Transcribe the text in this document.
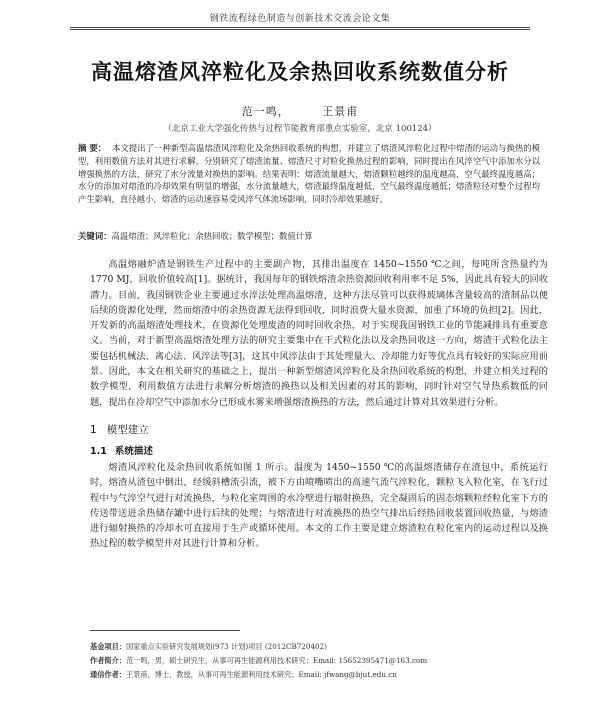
钢铁流程绿色制造与创新技术交流会论文集
高温熔渣风淬粒化及余热回收系统数值分析
范一鸣，	王景甫
（北京工业大学强化传热与过程节能教育部重点实验室，北京 100124）
摘 要： 本文提出了一种新型高温熔渣风淬粒化及余热回收系统的构想，并建立了熔渣风淬粒化过程中熔渣的运动与换热的模型，利用数值方法对其进行求解，分别研究了熔渣流量、熔渣尺寸对粒化换热过程的影响，同时提出在风淬空气中添加水分以增强换热的方法，研究了水分流量对换热的影响。结果表明：熔渣流量越大，熔渣颗粒越终的温度越高，空气最终温度越高；水分的添加对熔渣的冷却效果有明显的增强，水分流量越大，熔渣最终温度越低，空气最终温度越低；熔渣粒径对整个过程均产生影响，直径越小，熔渣的运动速容易受风淬气体流场影响，同时冷却效果越好。
关键词：高温熔渣；风淬粒化；余热回收；数学模型；数值计算

高温熔融炉渣是钢铁生产过程中的主要副产物，其排出温度在 1450~1550 ℃之间，每吨所含热量约为 1770 MJ，回收价值较高[1]。据统计，我国每年的钢铁熔渣余热资源回收利用率不足 5%，因此具有较大的回收潜力。目前，我国钢铁企业主要通过水淬法处理高温熔渣，这种方法尽管可以获得玻璃体含量较高的渣制品以便后续的资源化处理，然而熔渣中的余热资源无法得到回收，同时浪费大量水资源，加重了环境的负担[2]。因此，开发新的高温熔渣处理技术，在资源化处理废渣的同时回收余热，对于实现我国钢铁工业的节能减排具有重要意义。当前，对于新型高温熔渣处理方法的研究主要集中在干式粒化法以及余热回收这一方向，熔渣干式粒化法主要包括机械法、离心法、风淬法等[3]，这其中风淬法由于其处理量大、冷却能力好等优点具有较好的实际应用前景。因此，本文在相关研究的基础之上，提出一种新型熔渣风淬粒化及余热回收系统的构想，并建立相关过程的数学模型，利用数值方法进行求解分析熔渣的换热以及相关因素的对其的影响，同时针对空气导热系数低的问题，提出在冷却空气中添加水分已形成水雾来增强熔渣换热的方法，然后通过计算对其效果进行分析。

1 模型建立
1.1 系统描述

熔渣风淬粒化及余热回收系统如图 1 所示。温度为 1450~1550 ℃的高温熔渣储存在渣包中，系统运行时，熔渣从渣包中倒出，经缓斜槽流引流，被下方由喷嘴喷出的高速气流气淬粒化，颗粒飞入粒化室，在飞行过程中与气淬空气进行对流换热，与粒化室周围的水冷壁进行辐射换热，完全凝固后的固态熔颗粒经粒化室下方的传送带送进余热储存罐中进行后续的处理；与熔渣进行对流换热的热空气排出后经热回收装置回收热量，与熔渣进行辐射换热的冷却水可直接用于生产或循环使用。本文的工作主要是建立熔渣粒在粒化室内的运动过程以及换热过程的数学模型并对其进行计算和分析。

基金项目：国家重点实验研究发展规划(973 计划)项目 (2012CB720402)
作者简介：范一鸣，男，硕士研究生，从事可再生能源利用技术研究；Email: 15652395471@163.com
通信作者：王景甫，博士，教授，从事可再生能源利用技术研究；Email: jfwang@bjut.edu.cn
